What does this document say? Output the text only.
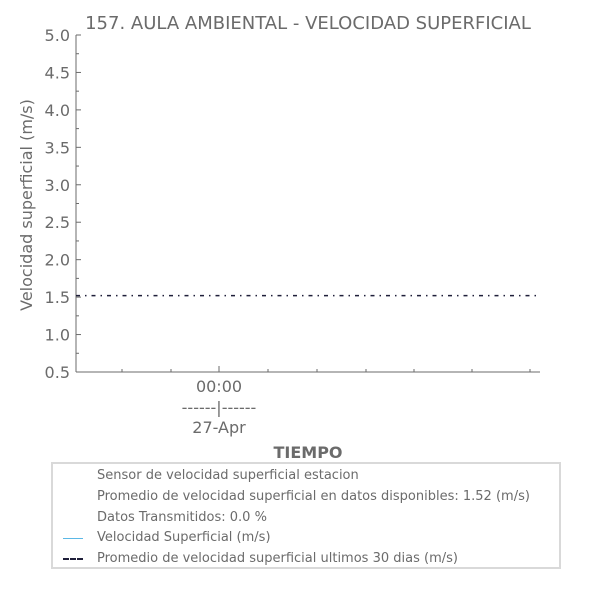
157. AULA AMBIENTAL - VELOCIDAD SUPERFICIAL
Velocidad superficial (m/s)
0.5
1.0
1.5
2.0
2.5
3.0
3.5
4.0
4.5
5.0
00:00
------|------
27-Apr
TIEMPO
Sensor de velocidad superficial estacion
Promedio de velocidad superficial en datos disponibles: 1.52 (m/s)
Datos Transmitidos: 0.0 %
Velocidad Superficial (m/s)
Promedio de velocidad superficial ultimos 30 dias (m/s)
